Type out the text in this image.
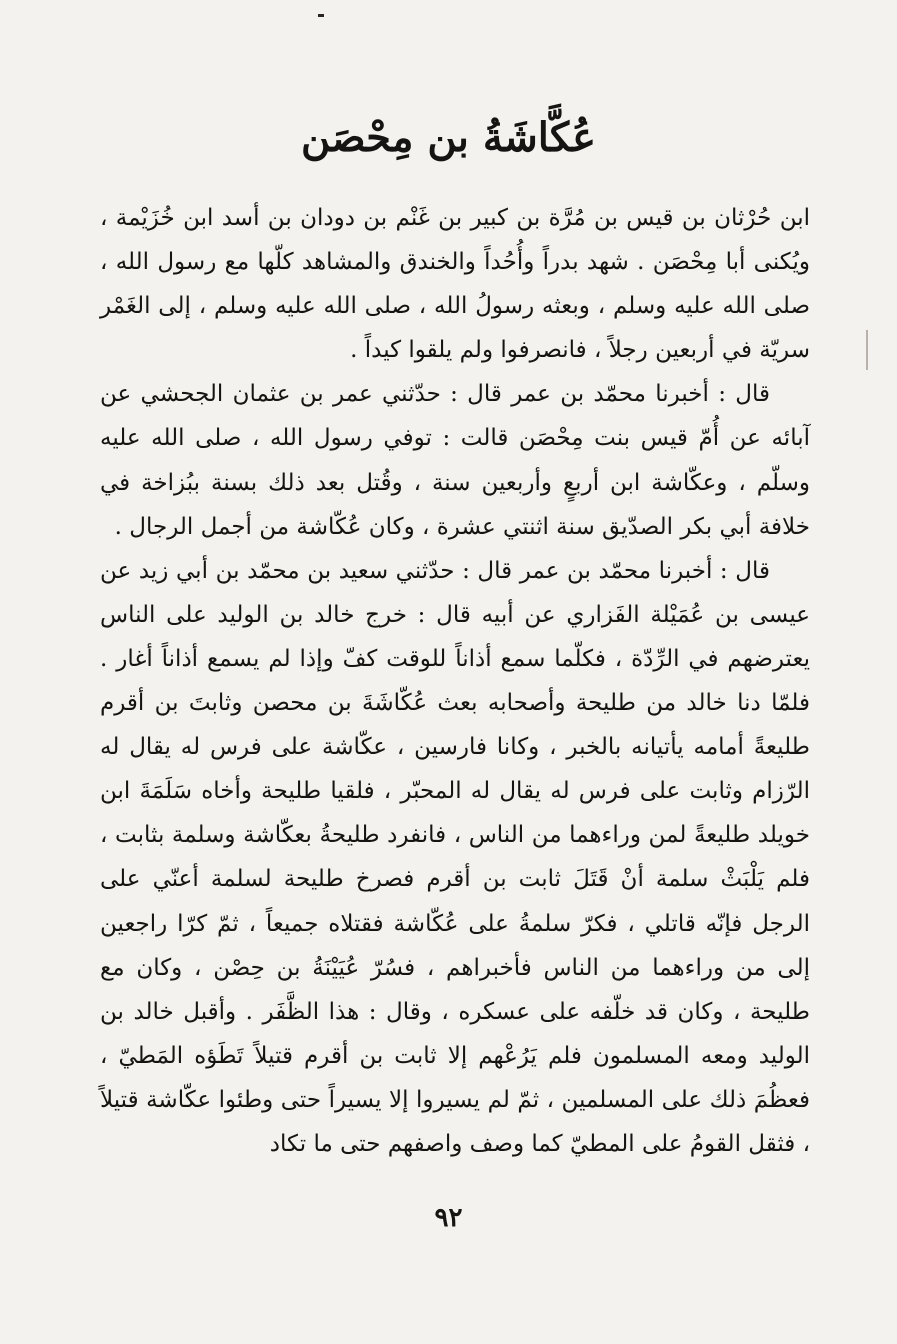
عُكَّاشَةُ بن مِحْصَن

ابن حُرْثان بن قيس بن مُرَّة بن كبير بن غَنْم بن دودان بن أسد ابن خُزَيْمة ، ويُكنى أبا مِحْصَن . شهد بدراً وأُحُداً والخندق والمشاهد كلّها مع رسول الله ، صلى الله عليه وسلم ، وبعثه رسولُ الله ، صلى الله عليه وسلم ، إلى الغَمْر سريّة في أربعين رجلاً ، فانصرفوا ولم يلقوا كيداً .

قال : أخبرنا محمّد بن عمر قال : حدّثني عمر بن عثمان الجحشي عن آبائه عن أُمّ قيس بنت مِحْصَن قالت : توفي رسول الله ، صلى الله عليه وسلّم ، وعكّاشة ابن أربعٍ وأربعين سنة ، وقُتل بعد ذلك بسنة ببُزاخة في خلافة أبي بكر الصدّيق سنة اثنتي عشرة ، وكان عُكّاشة من أجمل الرجال .

قال : أخبرنا محمّد بن عمر قال : حدّثني سعيد بن محمّد بن أبي زيد عن عيسى بن عُمَيْلة الفَزاري عن أبيه قال : خرج خالد بن الوليد على الناس يعترضهم في الرِّدّة ، فكلّما سمع أذاناً للوقت كفّ وإذا لم يسمع أذاناً أغار . فلمّا دنا خالد من طليحة وأصحابه بعث عُكّاشَةَ بن محصن وثابتَ بن أقرم طليعةً أمامه يأتيانه بالخبر ، وكانا فارسين ، عكّاشة على فرس له يقال له الرّزام وثابت على فرس له يقال له المحبّر ، فلقيا طليحة وأخاه سَلَمَةَ ابن خويلد طليعةً لمن وراءهما من الناس ، فانفرد طليحةُ بعكّاشة وسلمة بثابت ، فلم يَلْبَثْ سلمة أنْ قَتَلَ ثابت بن أقرم فصرخ طليحة لسلمة أعنّي على الرجل فإنّه قاتلي ، فكرّ سلمةُ على عُكّاشة فقتلاه جميعاً ، ثمّ كرّا راجعين إلى من وراءهما من الناس فأخبراهم ، فسُرّ عُيَيْنَةُ بن حِصْن ، وكان مع طليحة ، وكان قد خلّفه على عسكره ، وقال : هذا الظَّفَر . وأقبل خالد بن الوليد ومعه المسلمون فلم يَرُعْهم إلا ثابت بن أقرم قتيلاً تَطَؤه المَطيّ ، فعظُمَ ذلك على المسلمين ، ثمّ لم يسيروا إلا يسيراً حتى وطئوا عكّاشة قتيلاً ، فثقل القومُ على المطيّ كما وصف واصفهم حتى ما تكاد

٩٢
